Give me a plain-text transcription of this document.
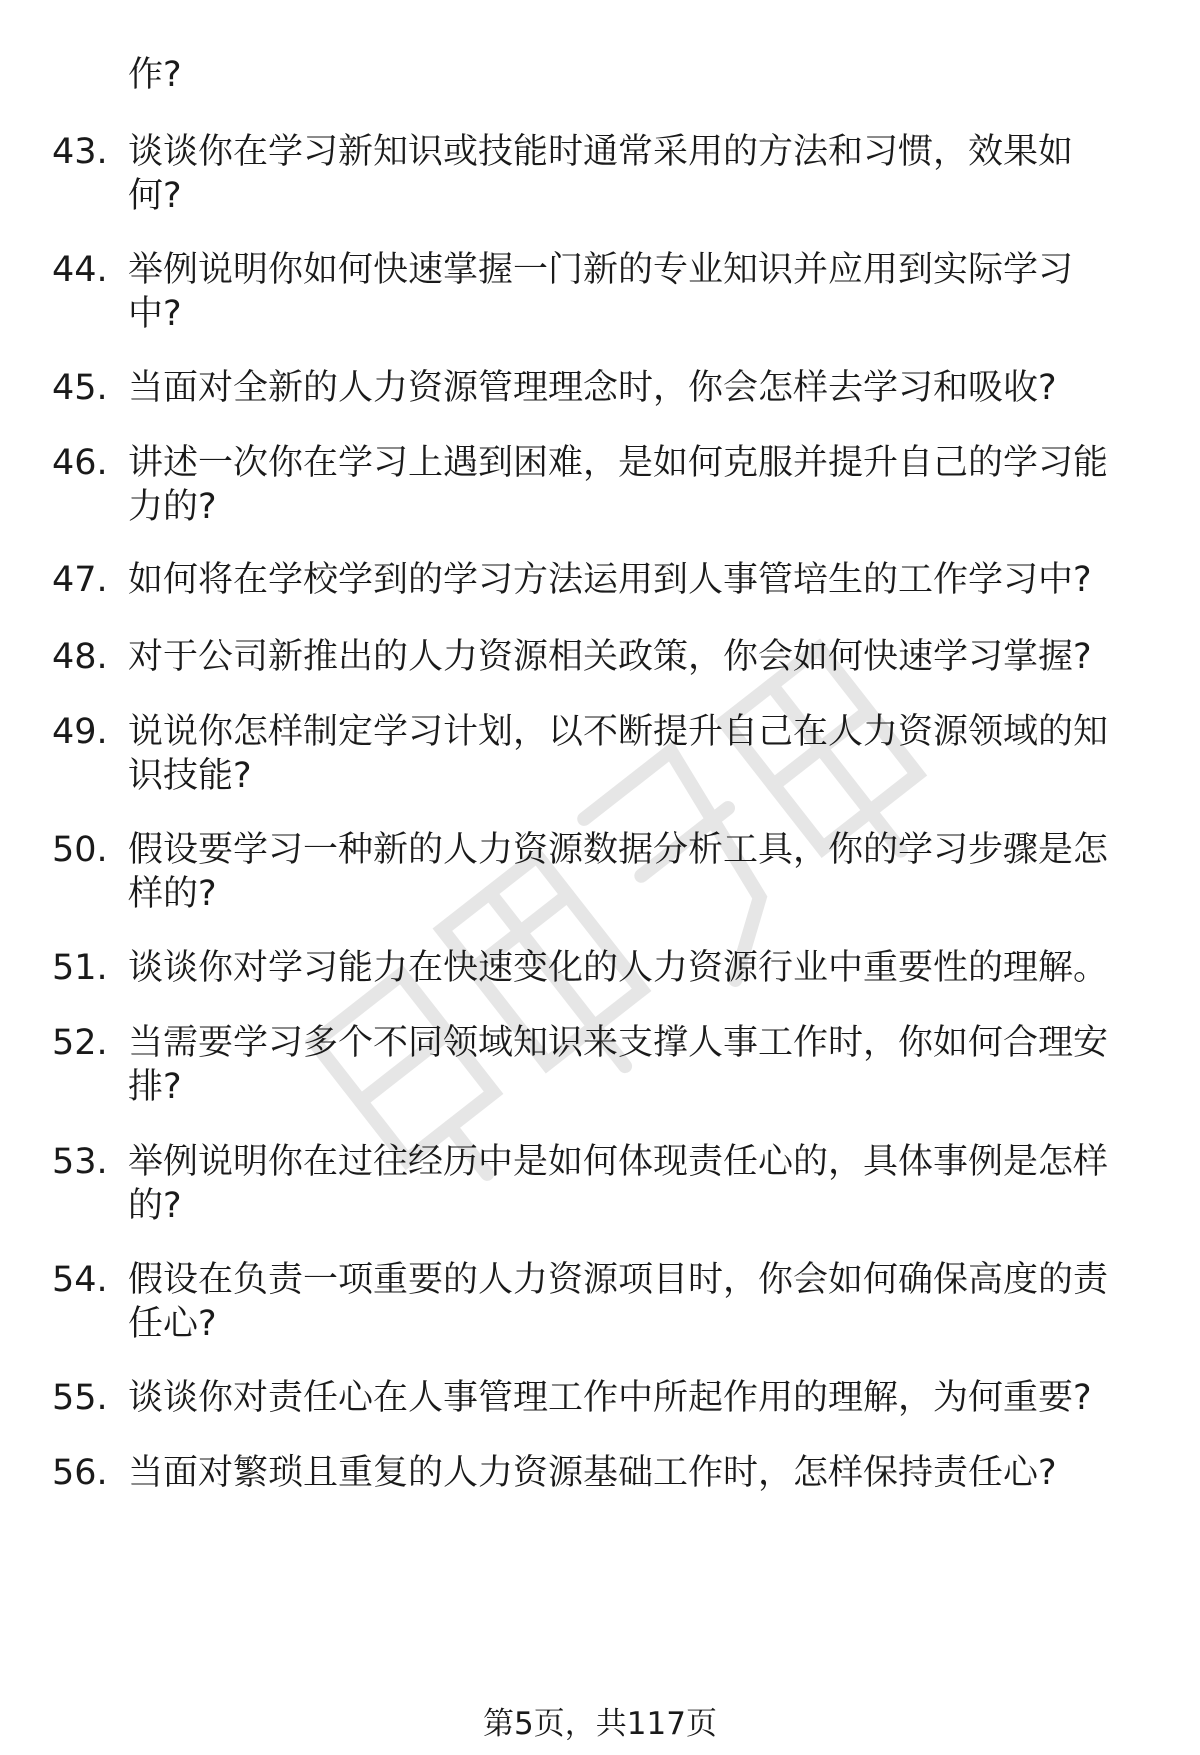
作?
43. 谈谈你在学习新知识或技能时通常采用的方法和习惯，效果如
何?
44. 举例说明你如何快速掌握一门新的专业知识并应用到实际学习
中?
45. 当面对全新的人力资源管理理念时，你会怎样去学习和吸收?
46. 讲述一次你在学习上遇到困难，是如何克服并提升自己的学习能
力的?
47. 如何将在学校学到的学习方法运用到人事管培生的工作学习中?
48. 对于公司新推出的人力资源相关政策，你会如何快速学习掌握?
49. 说说你怎样制定学习计划，以不断提升自己在人力资源领域的知
识技能?
50. 假设要学习一种新的人力资源数据分析工具，你的学习步骤是怎
样的?
51. 谈谈你对学习能力在快速变化的人力资源行业中重要性的理解。
52. 当需要学习多个不同领域知识来支撑人事工作时，你如何合理安
排?
53. 举例说明你在过往经历中是如何体现责任心的，具体事例是怎样
的?
54. 假设在负责一项重要的人力资源项目时，你会如何确保高度的责
任心?
55. 谈谈你对责任心在人事管理工作中所起作用的理解，为何重要?
56. 当面对繁琐且重复的人力资源基础工作时，怎样保持责任心?
第5页，共117页
